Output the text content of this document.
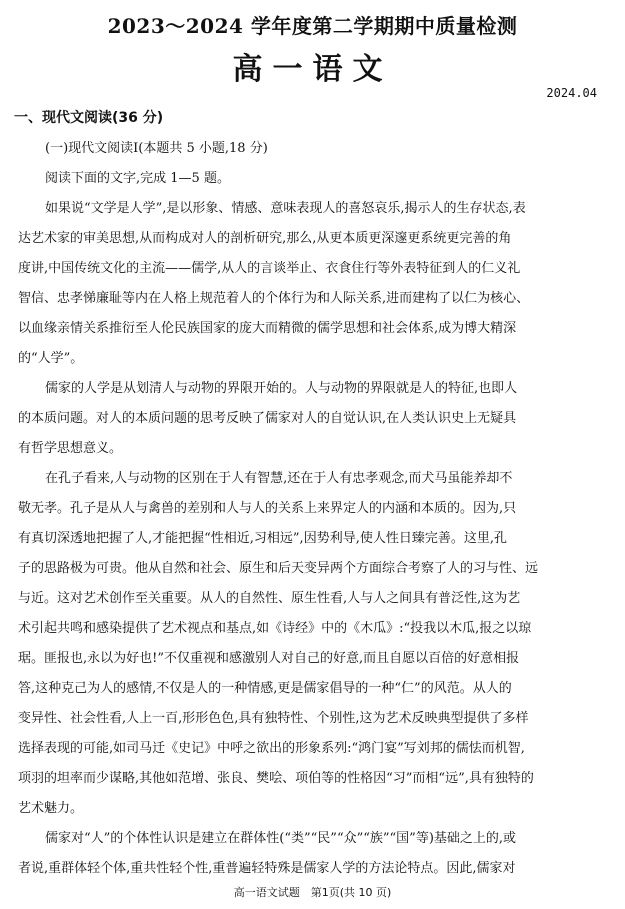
2023～2024 学年度第二学期期中质量检测
高一语文
2024.04
一、现代文阅读(36 分)
(一)现代文阅读Ⅰ(本题共 5 小题,18 分)
阅读下面的文字,完成 1—5 题。
如果说“文学是人学”,是以形象、情感、意味表现人的喜怒哀乐,揭示人的生存状态,表
达艺术家的审美思想,从而构成对人的剖析研究,那么,从更本质更深邃更系统更完善的角
度讲,中国传统文化的主流——儒学,从人的言谈举止、衣食住行等外表特征到人的仁义礼
智信、忠孝悌廉耻等内在人格上规范着人的个体行为和人际关系,进而建构了以仁为核心、
以血缘亲情关系推衍至人伦民族国家的庞大而精微的儒学思想和社会体系,成为博大精深
的“人学”。
儒家的人学是从划清人与动物的界限开始的。人与动物的界限就是人的特征,也即人
的本质问题。对人的本质问题的思考反映了儒家对人的自觉认识,在人类认识史上无疑具
有哲学思想意义。
在孔子看来,人与动物的区别在于人有智慧,还在于人有忠孝观念,而犬马虽能养却不
敬无孝。孔子是从人与禽兽的差别和人与人的关系上来界定人的内涵和本质的。因为,只
有真切深透地把握了人,才能把握“性相近,习相远”,因势利导,使人性日臻完善。这里,孔
子的思路极为可贵。他从自然和社会、原生和后天变异两个方面综合考察了人的习与性、远
与近。这对艺术创作至关重要。从人的自然性、原生性看,人与人之间具有普泛性,这为艺
术引起共鸣和感染提供了艺术视点和基点,如《诗经》中的《木瓜》:“投我以木瓜,报之以琼
琚。匪报也,永以为好也!”不仅重视和感激别人对自己的好意,而且自愿以百倍的好意相报
答,这种克己为人的感情,不仅是人的一种情感,更是儒家倡导的一种“仁”的风范。从人的
变异性、社会性看,人上一百,形形色色,具有独特性、个别性,这为艺术反映典型提供了多样
选择表现的可能,如司马迁《史记》中呼之欲出的形象系列:“鸿门宴”写刘邦的儒怯而机智,
项羽的坦率而少谋略,其他如范增、张良、樊哙、项伯等的性格因“习”而相“远”,具有独特的
艺术魅力。
儒家对“人”的个体性认识是建立在群体性(“类”“民”“众”“族”“国”等)基础之上的,或
者说,重群体轻个体,重共性轻个性,重普遍轻特殊是儒家人学的方法论特点。因此,儒家对
高一语文试题　第1页(共 10 页)
